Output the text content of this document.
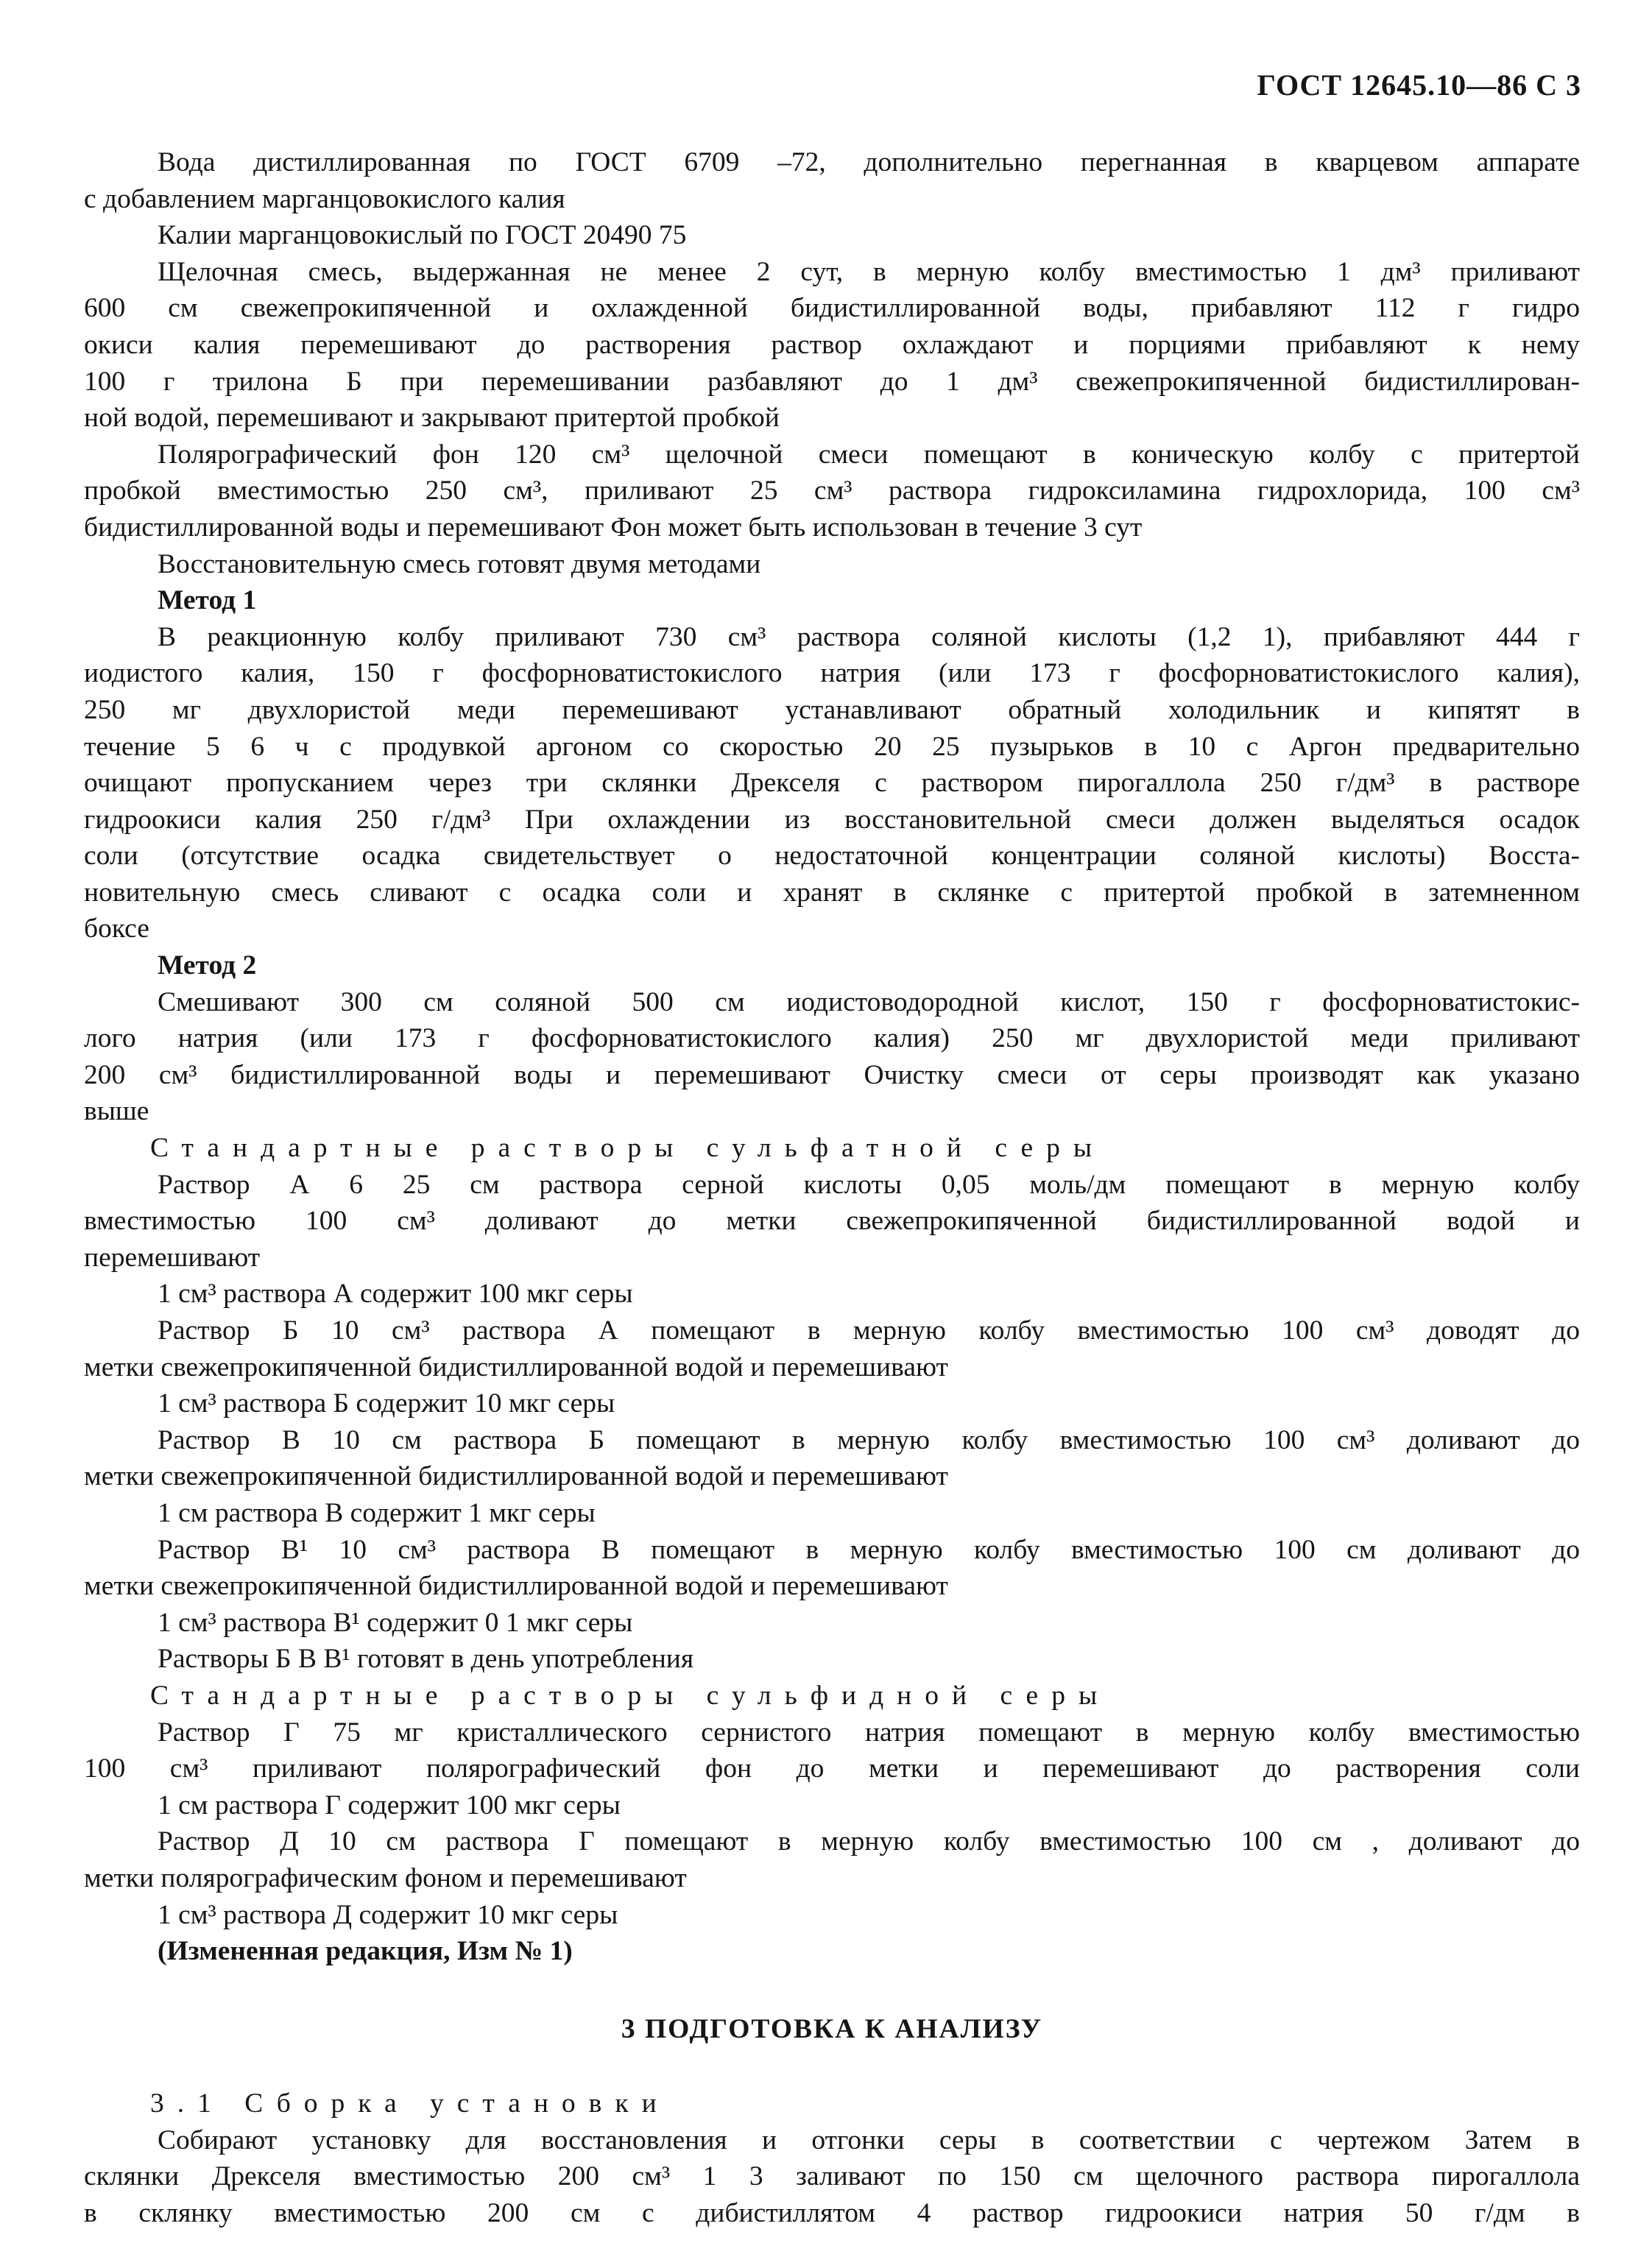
ГОСТ 12645.10—86 С 3
Вода дистиллированная по ГОСТ 6709 –72, дополнительно перегнанная в кварцевом аппарате
с добавлением марганцовокислого калия
Калии марганцовокислый по ГОСТ 20490 75
Щелочная смесь, выдержанная не менее 2 сут, в мерную колбу вместимостью 1 дм³ приливают
600 см свежепрокипяченной и охлажденной бидистиллированной воды, прибавляют 112 г гидро
окиси калия перемешивают до растворения раствор охлаждают и порциями прибавляют к нему
100 г трилона Б при перемешивании разбавляют до 1 дм³ свежепрокипяченной бидистиллирован-
ной водой, перемешивают и закрывают притертой пробкой
Полярографический фон 120 см³ щелочной смеси помещают в коническую колбу с притертой
пробкой вместимостью 250 см³, приливают 25 см³ раствора гидроксиламина гидрохлорида, 100 см³
бидистиллированной воды и перемешивают Фон может быть использован в течение 3 сут
Восстановительную смесь готовят двумя методами
Метод 1
В реакционную колбу приливают 730 см³ раствора соляной кислоты (1,2 1), прибавляют 444 г
иодистого калия, 150 г фосфорноватистокислого натрия (или 173 г фосфорноватистокислого калия),
250 мг двухлористой меди перемешивают устанавливают обратный холодильник и кипятят в
течение 5 6 ч с продувкой аргоном со скоростью 20 25 пузырьков в 10 с Аргон предварительно
очищают пропусканием через три склянки Дрекселя с раствором пирогаллола 250 г/дм³ в растворе
гидроокиси калия 250 г/дм³ При охлаждении из восстановительной смеси должен выделяться осадок
соли (отсутствие осадка свидетельствует о недостаточной концентрации соляной кислоты) Восста-
новительную смесь сливают с осадка соли и хранят в склянке с притертой пробкой в затемненном
боксе
Метод 2
Смешивают 300 см соляной 500 см иодистоводородной кислот, 150 г фосфорноватистокис-
лого натрия (или 173 г фосфорноватистокислого калия) 250 мг двухлористой меди приливают
200 см³ бидистиллированной воды и перемешивают Очистку смеси от серы производят как указано
выше
Стандартные растворы сульфатной серы
Раствор А 6 25 см раствора серной кислоты 0,05 моль/дм помещают в мерную колбу
вместимостью 100 см³ доливают до метки свежепрокипяченной бидистиллированной водой и
перемешивают
1 см³ раствора А содержит 100 мкг серы
Раствор Б 10 см³ раствора А помещают в мерную колбу вместимостью 100 см³ доводят до
метки свежепрокипяченной бидистиллированной водой и перемешивают
1 см³ раствора Б содержит 10 мкг серы
Раствор В 10 см раствора Б помещают в мерную колбу вместимостью 100 см³ доливают до
метки свежепрокипяченной бидистиллированной водой и перемешивают
1 см раствора В содержит 1 мкг серы
Раствор В¹ 10 см³ раствора В помещают в мерную колбу вместимостью 100 см доливают до
метки свежепрокипяченной бидистиллированной водой и перемешивают
1 см³ раствора В¹ содержит 0 1 мкг серы
Растворы Б В В¹ готовят в день употребления
Стандартные растворы сульфидной серы
Раствор Г 75 мг кристаллического сернистого натрия помещают в мерную колбу вместимостью
100 см³ приливают полярографический фон до метки и перемешивают до растворения соли
1 см раствора Г содержит 100 мкг серы
Раствор Д 10 см раствора Г помещают в мерную колбу вместимостью 100 см , доливают до
метки полярографическим фоном и перемешивают
1 см³ раствора Д содержит 10 мкг серы
(Измененная редакция, Изм № 1)
3 ПОДГОТОВКА К АНАЛИЗУ
3.1 Сборка установки
Собирают установку для восстановления и отгонки серы в соответствии с чертежом Затем в
склянки Дрекселя вместимостью 200 см³ 1 3 заливают по 150 см щелочного раствора пирогаллола
в склянку вместимостью 200 см с дибистиллятом 4 раствор гидроокиси натрия 50 г/дм в
